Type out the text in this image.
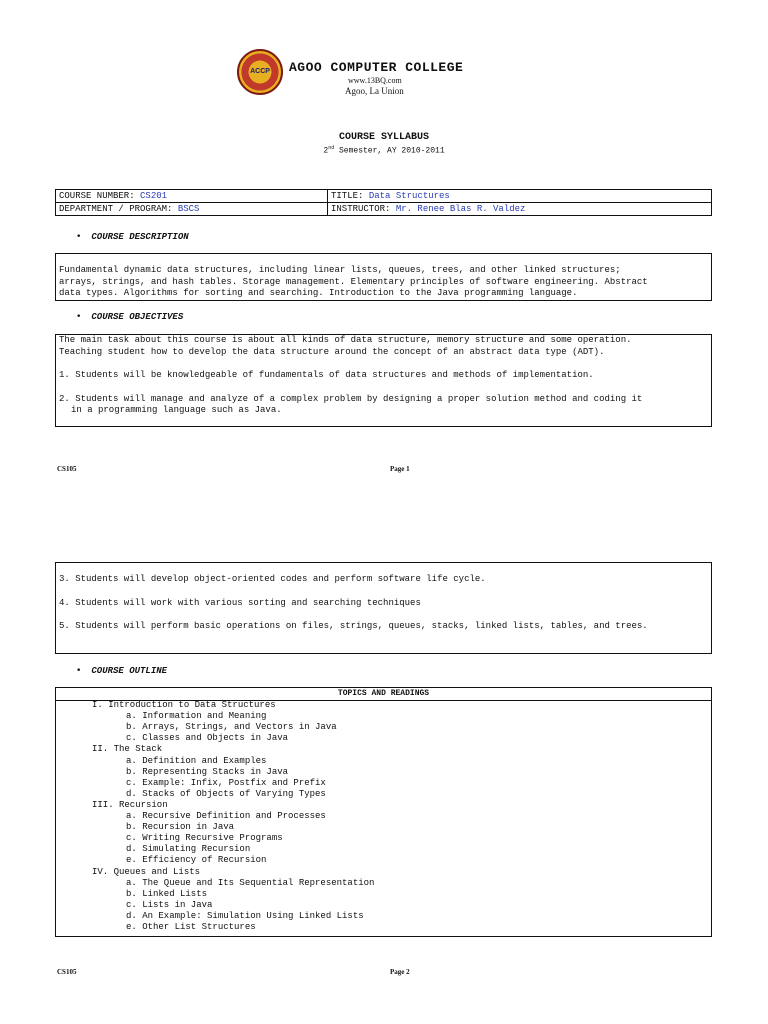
ACCP	AGOO COMPUTER COLLEGE
www.13BQ.com
Agoo, La Union
COURSE SYLLABUS
2nd Semester, AY 2010-2011
COURSE NUMBER: CS201	TITLE: Data Structures
DEPARTMENT / PROGRAM: BSCS	INSTRUCTOR: Mr. Renee Blas R. Valdez
• COURSE DESCRIPTION

Fundamental dynamic data structures, including linear lists, queues, trees, and other linked structures;

arrays, strings, and hash tables. Storage management. Elementary principles of software engineering. Abstract

data types. Algorithms for sorting and searching. Introduction to the Java programming language.

• COURSE OBJECTIVES

The main task about this course is about all kinds of data structure, memory structure and some operation.

Teaching student how to develop the data structure around the concept of an abstract data type (ADT).

1. Students will be knowledgeable of fundamentals of data structures and methods of implementation.

2. Students will manage and analyze of a complex problem by designing a proper solution method and coding it

in a programming language such as Java.

CS105	Page 1

3. Students will develop object-oriented codes and perform software life cycle.

4. Students will work with various sorting and searching techniques

5. Students will perform basic operations on files, strings, queues, stacks, linked lists, tables, and trees.

• COURSE OUTLINE
TOPICS AND READINGS
I. Introduction to Data Structures
a. Information and Meaning
b. Arrays, Strings, and Vectors in Java
c. Classes and Objects in Java
II. The Stack
a. Definition and Examples
b. Representing Stacks in Java
c. Example: Infix, Postfix and Prefix
d. Stacks of Objects of Varying Types
III. Recursion
a. Recursive Definition and Processes
b. Recursion in Java
c. Writing Recursive Programs
d. Simulating Recursion
e. Efficiency of Recursion
IV. Queues and Lists
a. The Queue and Its Sequential Representation
b. Linked Lists
c. Lists in Java
d. An Example: Simulation Using Linked Lists
e. Other List Structures
CS105	Page 2
